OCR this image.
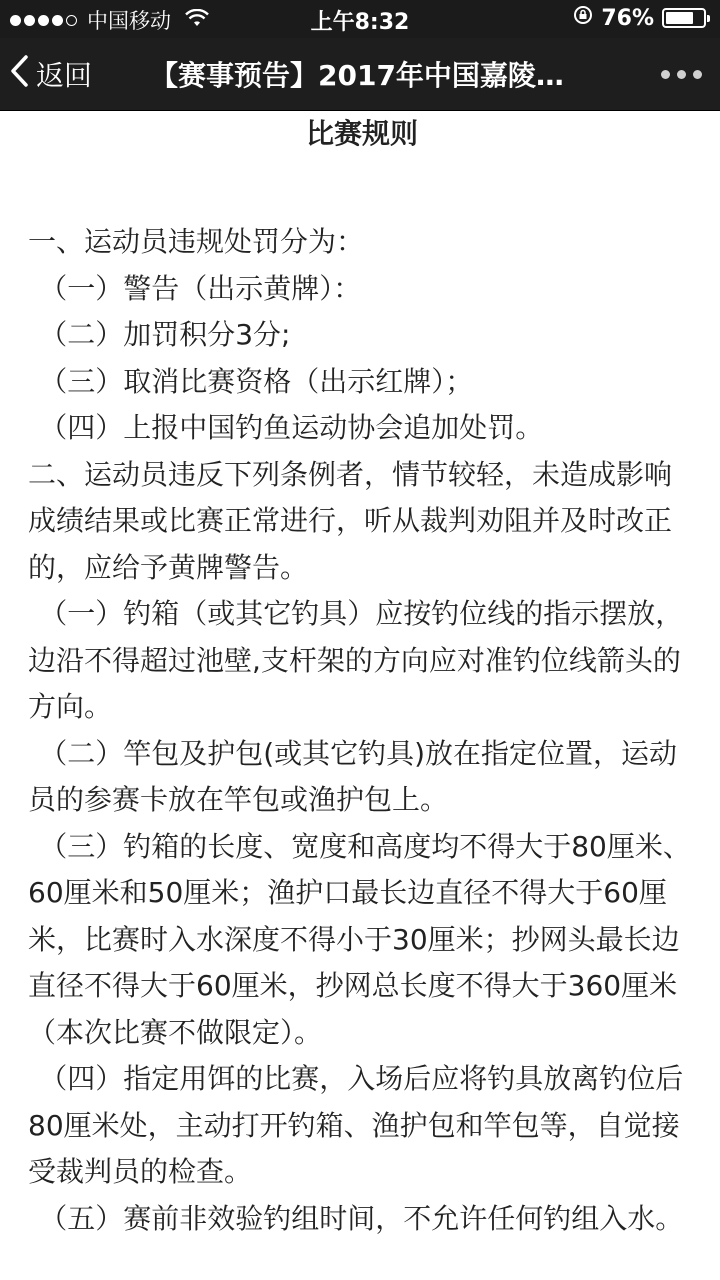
中国移动	上午8:32	76%
返回 【赛事预告】2017年中国嘉陵…
比赛规则

一、运动员违规处罚分为：

（一）警告（出示黄牌）：

（二）加罚积分3分;

（三）取消比赛资格（出示红牌）；

（四）上报中国钓鱼运动协会追加处罚。

二、运动员违反下列条例者，情节较轻，未造成影响成绩结果或比赛正常进行，听从裁判劝阻并及时改正的，应给予黄牌警告。

（一）钓箱（或其它钓具）应按钓位线的指示摆放，边沿不得超过池壁,支杆架的方向应对准钓位线箭头的方向。

（二）竿包及护包(或其它钓具)放在指定位置，运动员的参赛卡放在竿包或渔护包上。

（三）钓箱的长度、宽度和高度均不得大于80厘米、60厘米和50厘米；渔护口最长边直径不得大于60厘米，比赛时入水深度不得小于30厘米；抄网头最长边直径不得大于60厘米，抄网总长度不得大于360厘米（本次比赛不做限定）。

（四）指定用饵的比赛，入场后应将钓具放离钓位后80厘米处，主动打开钓箱、渔护包和竿包等，自觉接受裁判员的检查。

（五）赛前非效验钓组时间，不允许任何钓组入水。
